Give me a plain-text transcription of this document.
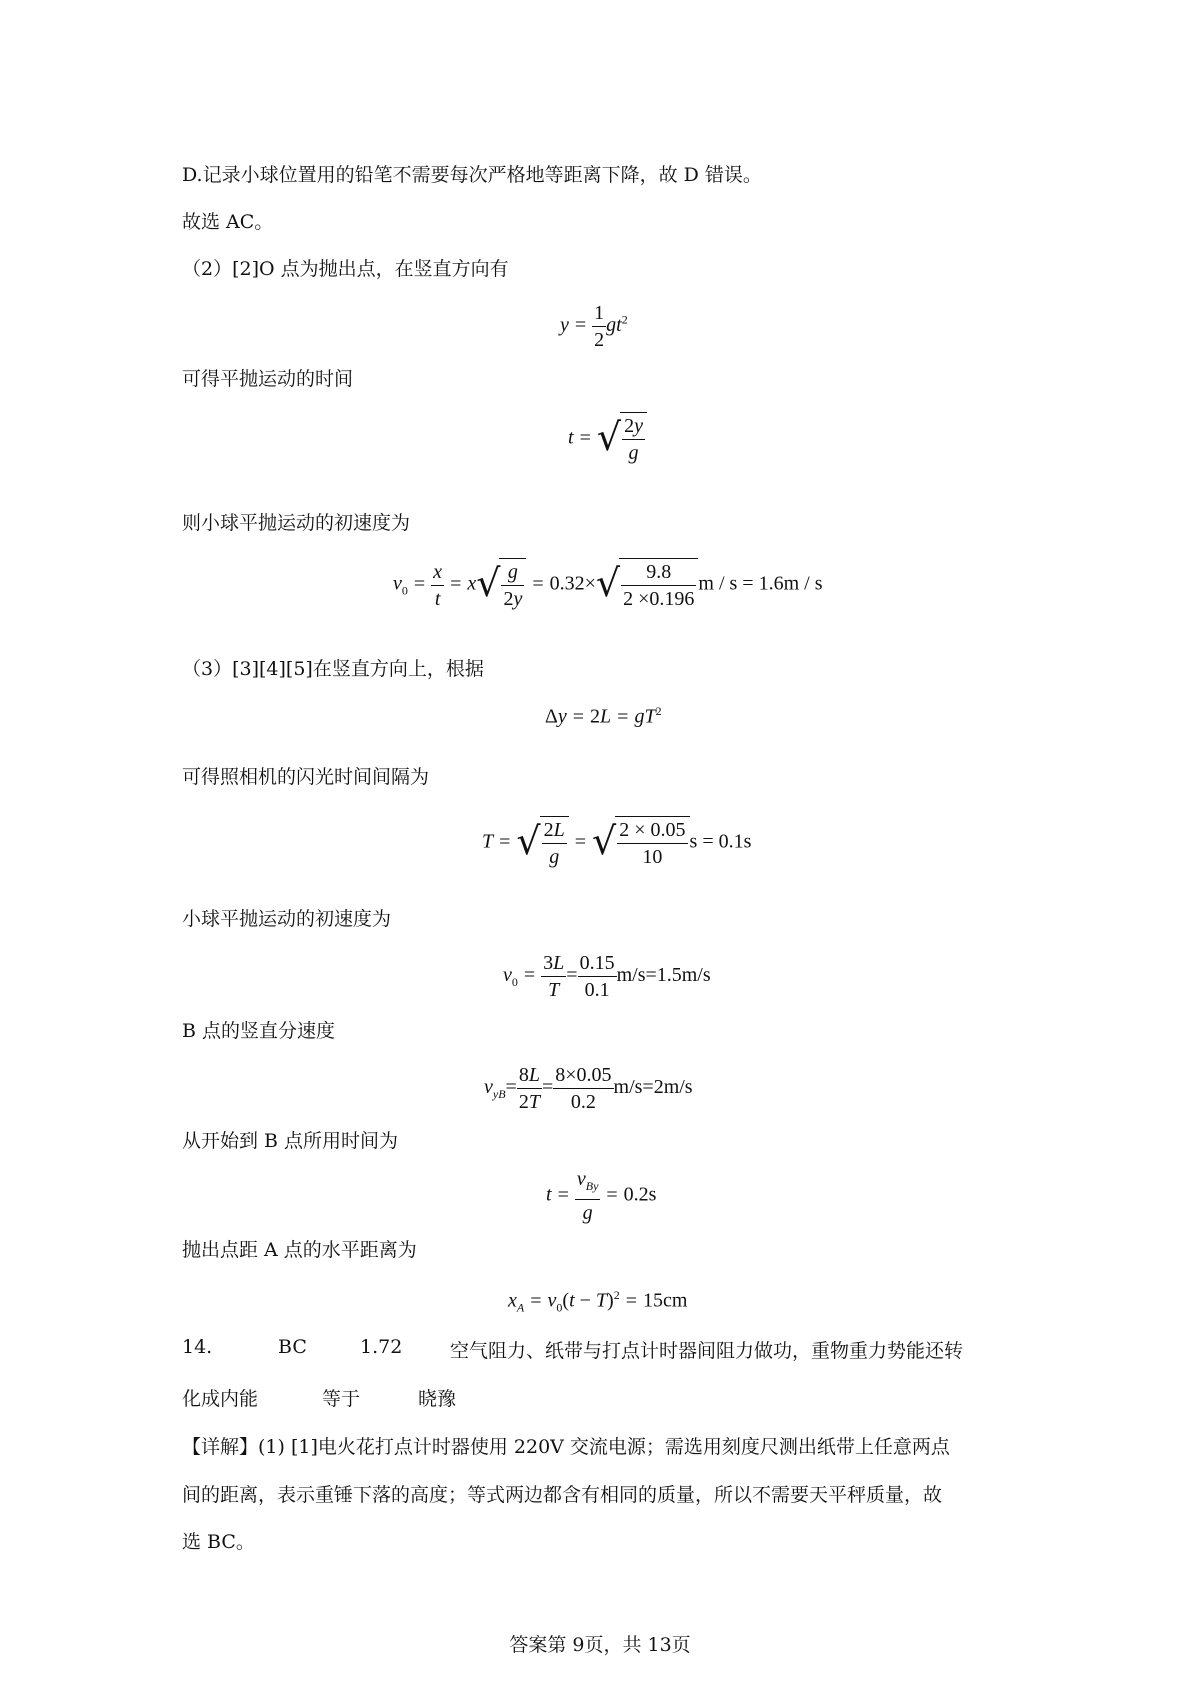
D.记录小球位置用的铅笔不需要每次严格地等距离下降，故 D 错误。
故选 AC。
（2）[2]O 点为抛出点，在竖直方向有
$y = \frac{1}{2} gt^2$
可得平抛运动的时间
t = √ $\frac{2y}{g}$
则小球平抛运动的初速度为
$v_0 = \frac{x}{t} = x$ √ $\frac{g}{2y} = 0.32\times$ √ $\frac{9.8}{2 \times 0.196}$ m / s = 1.6m / s
（3）[3][4][5]在竖直方向上，根据
$\Delta y = 2L = gT^2$
可得照相机的闪光时间间隔为
T = √ $\frac{2L}{g}$ = √ $\frac{2 \times 0.05}{10}$ s = 0.1s
小球平抛运动的初速度为
$v_0 = \frac{3L}{T} = \frac{0.15}{0.1} m/s=1.5m/s$
B 点的竖直分速度
$v_{yB}= \frac{8L}{2T} = \frac{8\times 0.05}{0.2} m/s=2m/s$
从开始到 B 点所用时间为
$t = \frac{v_{By}}{g} = 0.2s$
抛出点距 A 点的水平距离为
$x_A = v_0(t - T)^2 = 15cm$
14.	BC	1.72	空气阻力、纸带与打点计时器间阻力做功，重物重力势能还转
化成内能	等于	晓豫
【详解】(1) [1]电火花打点计时器使用 220V 交流电源；需选用刻度尺测出纸带上任意两点
间的距离，表示重锤下落的高度；等式两边都含有相同的质量，所以不需要天平秤质量，故
选 BC。
答案第 9页，共 13页
